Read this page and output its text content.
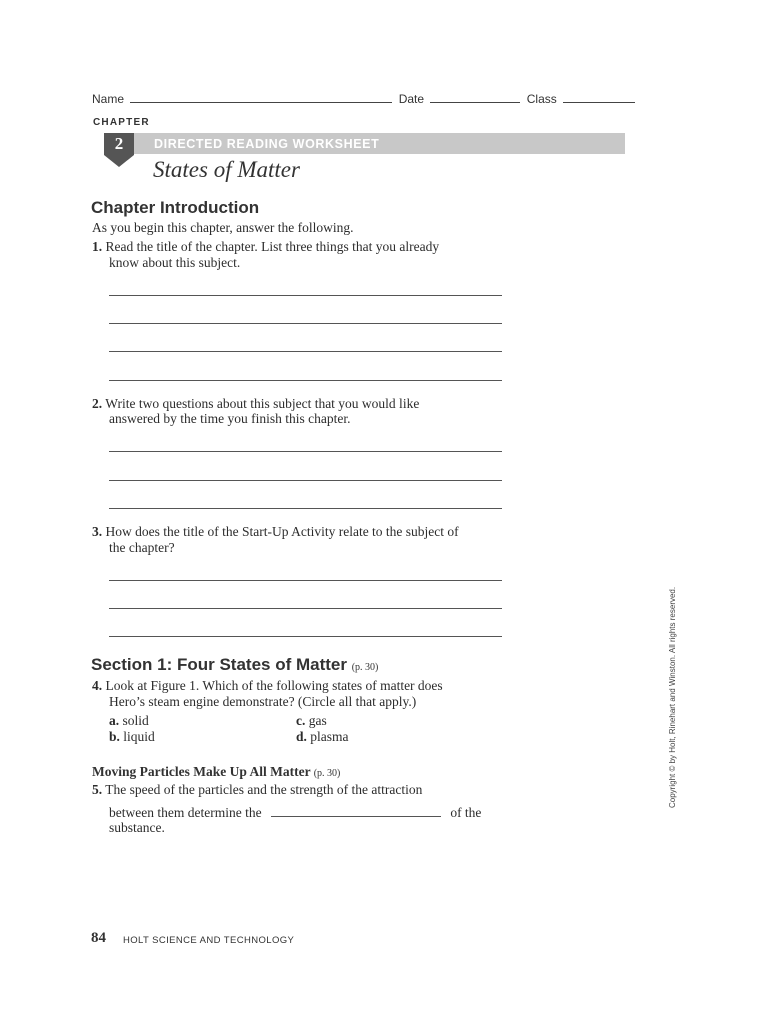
Name	Date	Class
CHAPTER
2	DIRECTED READING WORKSHEET
States of Matter
Chapter Introduction
As you begin this chapter, answer the following.
1. Read the title of the chapter. List three things that you already
know about this subject.
2. Write two questions about this subject that you would like
answered by the time you finish this chapter.
3. How does the title of the Start-Up Activity relate to the subject of
the chapter?
Section 1: Four States of Matter (p. 30)
4. Look at Figure 1. Which of the following states of matter does
Hero’s steam engine demonstrate? (Circle all that apply.)
a. solid
b. liquid
c. gas
d. plasma
Moving Particles Make Up All Matter (p. 30)
5. The speed of the particles and the strength of the attraction
between them determine the	of the
substance.
Copyright © by Holt, Rinehart and Winston. All rights reserved.
84 HOLT SCIENCE AND TECHNOLOGY
